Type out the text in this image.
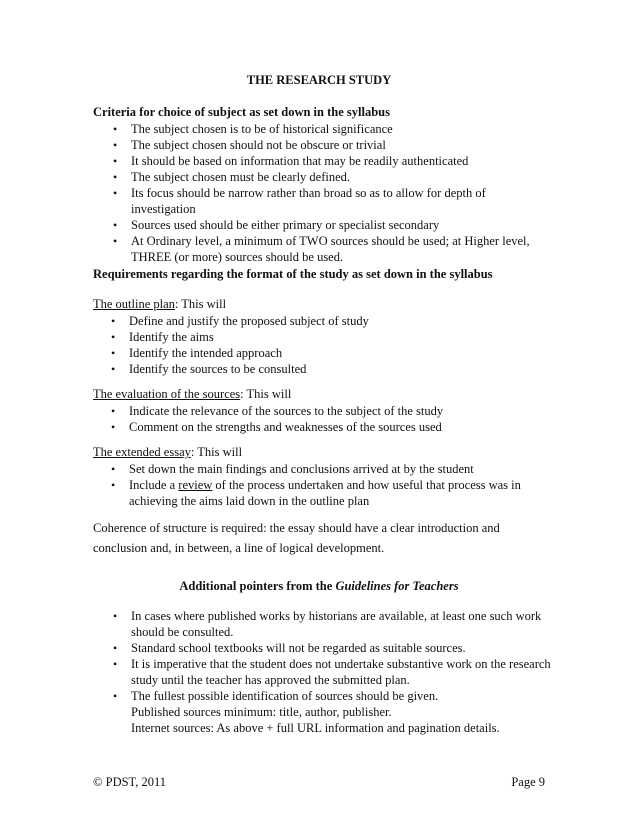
THE RESEARCH STUDY
Criteria for choice of subject as set down in the syllabus
• The subject chosen is to be of historical significance
• The subject chosen should not be obscure or trivial
• It should be based on information that may be readily authenticated
• The subject chosen must be clearly defined.
• Its focus should be narrow rather than broad so as to allow for depth of investigation
• Sources used should be either primary or specialist secondary
• At Ordinary level, a minimum of TWO sources should be used; at Higher level, THREE (or more) sources should be used.
Requirements regarding the format of the study as set down in the syllabus
The outline plan: This will
• Define and justify the proposed subject of study
• Identify the aims
• Identify the intended approach
• Identify the sources to be consulted
The evaluation of the sources: This will
• Indicate the relevance of the sources to the subject of the study
• Comment on the strengths and weaknesses of the sources used
The extended essay: This will
• Set down the main findings and conclusions arrived at by the student
• Include a review of the process undertaken and how useful that process was in achieving the aims laid down in the outline plan
Coherence of structure is required: the essay should have a clear introduction and conclusion and, in between, a line of logical development.
Additional pointers from the Guidelines for Teachers
• In cases where published works by historians are available, at least one such work should be consulted.
• Standard school textbooks will not be regarded as suitable sources.
• It is imperative that the student does not undertake substantive work on the research study until the teacher has approved the submitted plan.
• The fullest possible identification of sources should be given.
Published sources minimum: title, author, publisher.
Internet sources: As above + full URL information and pagination details.
© PDST, 2011	Page 9
